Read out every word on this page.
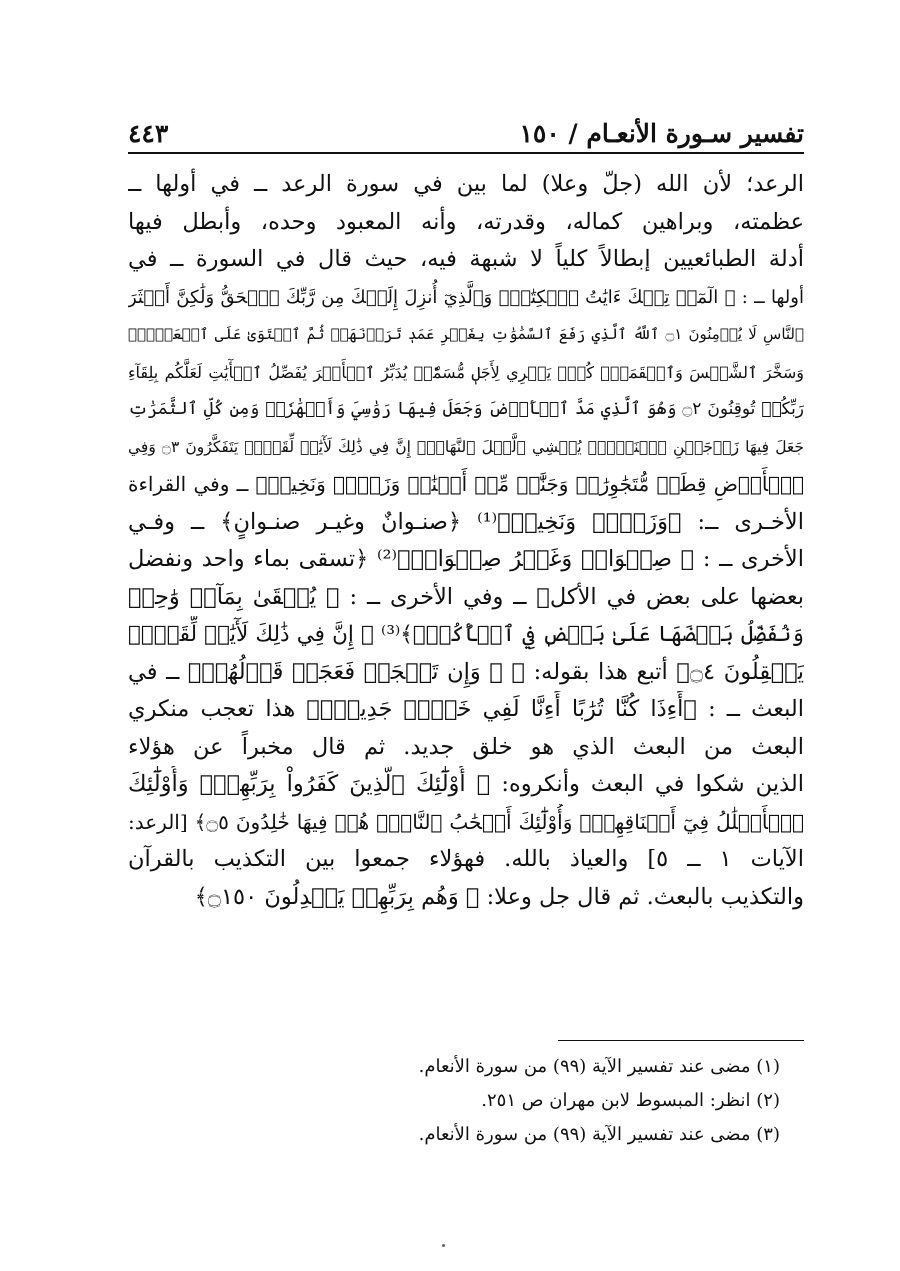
تفسير سـورة الأنعـام / ١٥٠
٤٤٣
الرعد؛ لأن الله (جلّ وعلا) لما بين في سورة الرعد ــ في أولها ــ
عظمته، وبراهين كماله، وقدرته، وأنه المعبود وحده، وأبطل فيها
أدلة الطبائعيين إبطالاً كلياً لا شبهة فيه، حيث قال في السورة ــ في
أولها ــ : ﴿ الٓمٓرۚ تِلۡكَ ءَايَٰتُ ٱلۡكِتَٰبِۗ وَٱلَّذِيٓ أُنزِلَ إِلَيۡكَ مِن رَّبِّكَ ٱلۡحَقُّ وَلَٰكِنَّ أَكۡثَرَ
ٱلنَّاسِ لَا يُؤۡمِنُونَ ۝١ ٱللَّهُ ٱلَّذِي رَفَعَ ٱلسَّمَٰوَٰتِ بِغَيۡرِ عَمَدٖ تَرَوۡنَهَاۖ ثُمَّ ٱسۡتَوَىٰ عَلَى ٱلۡعَرۡشِۖ
وَسَخَّرَ ٱلشَّمۡسَ وَٱلۡقَمَرَۖ كُلّٞ يَجۡرِي لِأَجَلٖ مُّسَمّٗىۚ يُدَبِّرُ ٱلۡأَمۡرَ يُفَصِّلُ ٱلۡأٓيَٰتِ لَعَلَّكُم بِلِقَآءِ
رَبِّكُمۡ تُوقِنُونَ ۝٢ وَهُوَ ٱلَّذِي مَدَّ ٱلۡأَرۡضَ وَجَعَلَ فِيهَا رَوَٰسِيَ وَأَنۡهَٰرٗاۖ وَمِن كُلِّ ٱلثَّمَرَٰتِ
جَعَلَ فِيهَا زَوۡجَيۡنِ ٱثۡنَيۡنِۖ يُغۡشِي ٱلَّيۡلَ ٱلنَّهَارَۚ إِنَّ فِي ذَٰلِكَ لَأٓيَٰتٖ لِّقَوۡمٖ يَتَفَكَّرُونَ ۝٣ وَفِي
ٱلۡأَرۡضِ قِطَعٞ مُّتَجَٰوِرَٰتٞ وَجَنَّٰتٞ مِّنۡ أَعۡنَٰبٖ وَزَرۡعٖ وَنَخِيلٖ﴾ ــ وفي القراءة
الأخـرى ــ: ﴿وَزَرۡعٞ وَنَخِيلٞ﴾⁽¹⁾ ﴿صنـوانٌ وغيـر صنـوانٍ﴾ ــ وفـي
الأخرى ــ : ﴿ صِنۡوَانٞ وَغَيۡرُ صِنۡوَانٖ﴾⁽²⁾ ﴿تسقى بماء واحد ونفضل
بعضها على بعض في الأكل﴾ ــ وفي الأخرى ــ : ﴿ يُسۡقَىٰ بِمَآءٖ وَٰحِدٖ
وَنُفَضِّلُ بَعۡضَهَا عَلَىٰ بَعۡضٖ فِي ٱلۡأُكُلِۚ﴾⁽³⁾ ﴿ إِنَّ فِي ذَٰلِكَ لَأٓيَٰتٖ لِّقَوۡمٖ
يَعۡقِلُونَ ۝٤﴾ أتبع هذا بقوله: ﴿ ۞ وَإِن تَعۡجَبۡ فَعَجَبٞ قَوۡلُهُمۡ﴾ ــ في
البعث ــ : ﴿أَءِذَا كُنَّا تُرَٰبًا أَءِنَّا لَفِي خَلۡقٖ جَدِيدٍۗ﴾ هذا تعجب منكري
البعث من البعث الذي هو خلق جديد. ثم قال مخبراً عن هؤلاء
الذين شكوا في البعث وأنكروه: ﴿ أُوْلَٰٓئِكَ ٱلَّذِينَ كَفَرُواْ بِرَبِّهِمۡۖ وَأُوْلَٰٓئِكَ
ٱلۡأَغۡلَٰلُ فِيٓ أَعۡنَاقِهِمۡۖ وَأُوْلَٰٓئِكَ أَصۡحَٰبُ ٱلنَّارِۖ هُمۡ فِيهَا خَٰلِدُونَ ۝٥﴾ [الرعد:
الآيات ١ ــ ٥] والعياذ بالله. فهؤلاء جمعوا بين التكذيب بالقرآن
والتكذيب بالبعث. ثم قال جل وعلا: ﴿ وَهُم بِرَبِّهِمۡ يَعۡدِلُونَ ۝١٥٠﴾
(١) مضى عند تفسير الآية (٩٩) من سورة الأنعام.
(٢) انظر: المبسوط لابن مهران ص ٢٥١.
(٣) مضى عند تفسير الآية (٩٩) من سورة الأنعام.
